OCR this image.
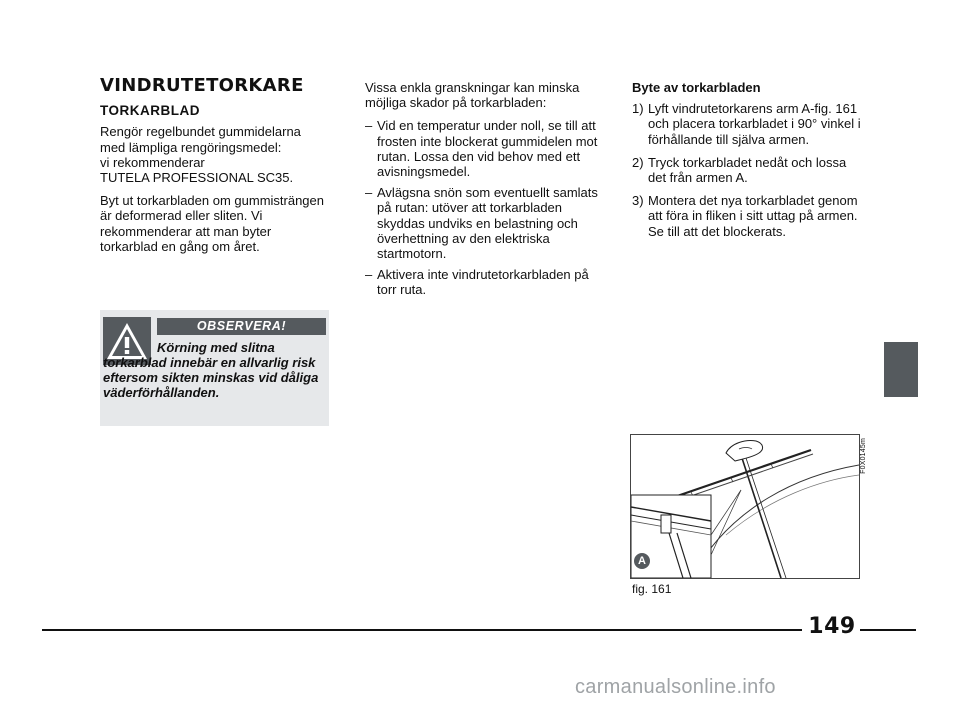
VINDRUTETORKARE
TORKARBLAD
Rengör regelbundet gummidelarna
med lämpliga rengöringsmedel:
vi rekommenderar
TUTELA PROFESSIONAL SC35.
Byt ut torkarbladen om gummisträngen är deformerad eller sliten. Vi rekommenderar att man byter torkarblad en gång om året.
OBSERVERA!
Körning med slitna torkarblad innebär en allvarlig risk eftersom sikten minskas vid dåliga väderförhållanden.
Vissa enkla granskningar kan minska möjliga skador på torkarbladen:
– Vid en temperatur under noll, se till att frosten inte blockerat gummidelen mot rutan. Lossa den vid behov med ett avisningsmedel.
– Avlägsna snön som eventuellt samlats på rutan: utöver att torkarbladen skyddas undviks en belastning och överhettning av den elektriska startmotorn.
– Aktivera inte vindrutetorkarbladen på torr ruta.
Byte av torkarbladen
1) Lyft vindrutetorkarens arm A-fig. 161 och placera torkarbladet i 90° vinkel i förhållande till själva armen.
2) Tryck torkarbladet nedåt och lossa det från armen A.
3) Montera det nya torkarbladet genom att föra in fliken i sitt uttag på armen. Se till att det blockerats.
A
F0X0145m
fig. 161
149
carmanualsonline.info
